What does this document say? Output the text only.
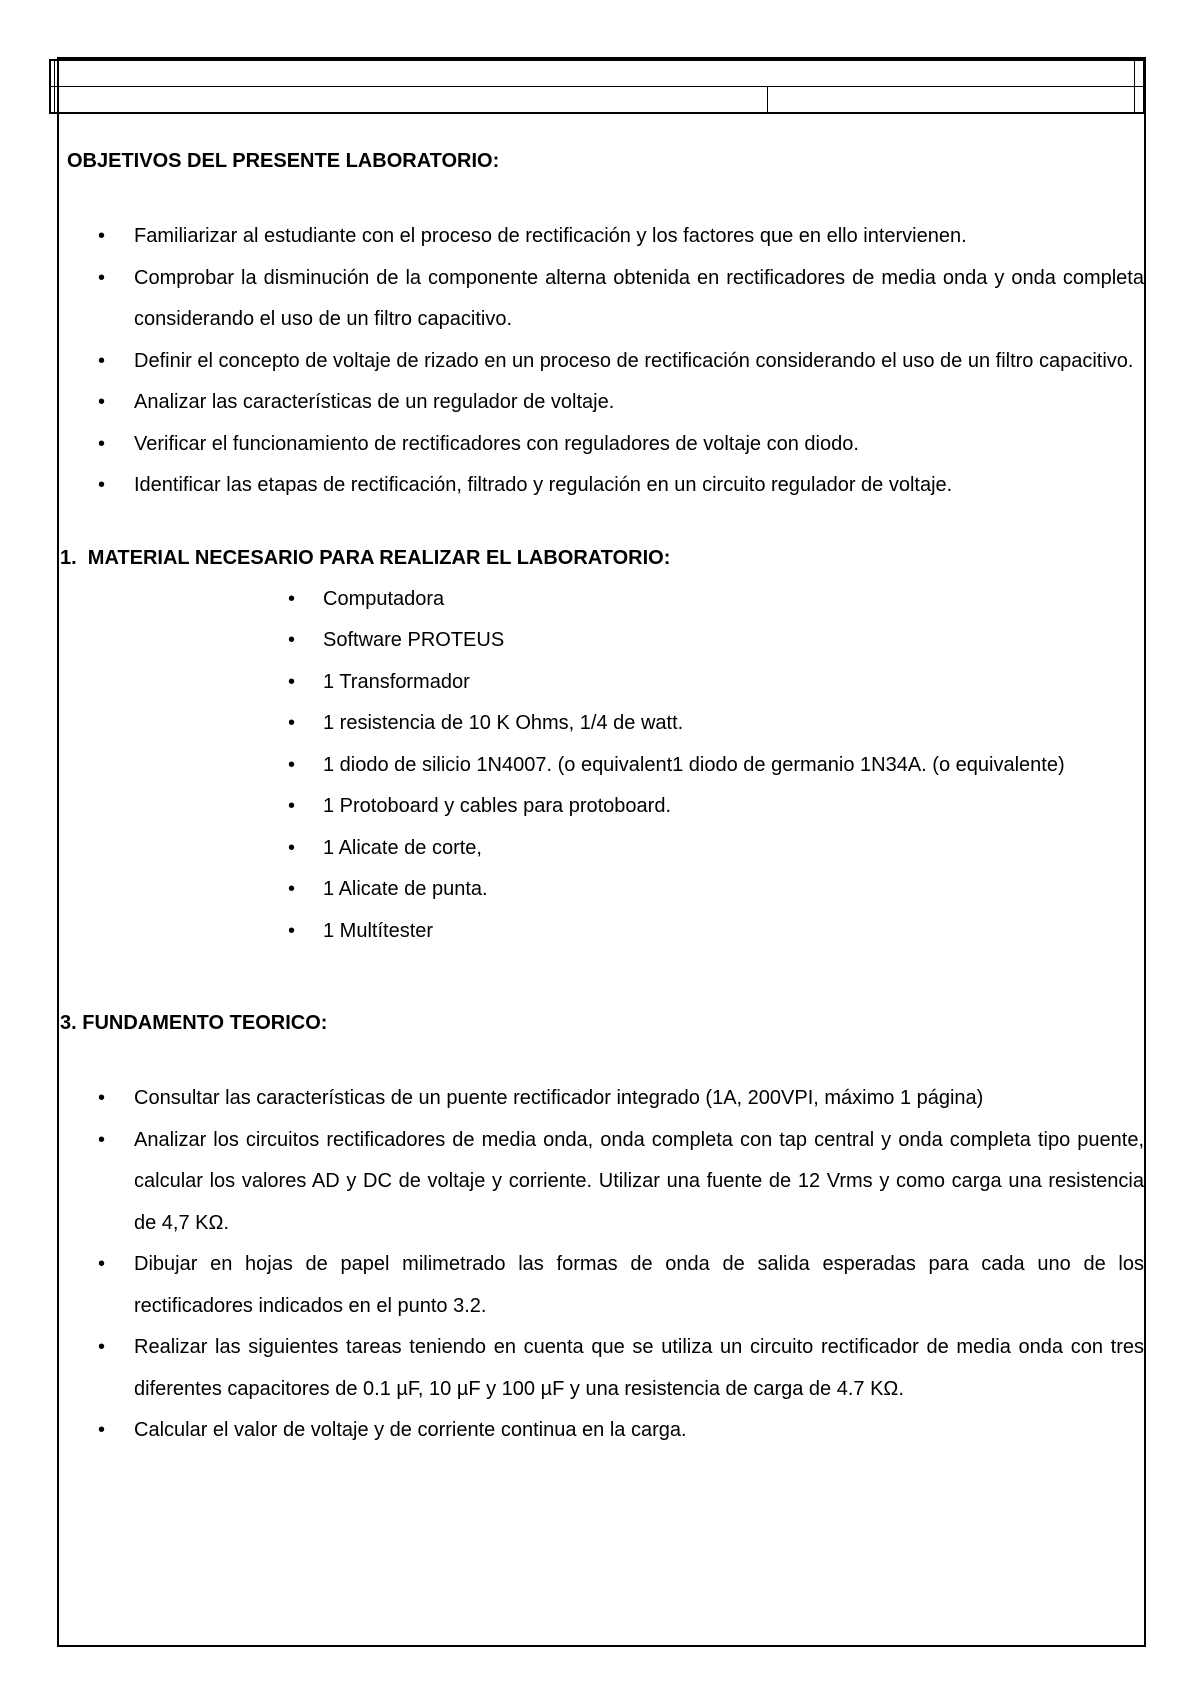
OBJETIVOS DEL PRESENTE LABORATORIO:

• Familiarizar al estudiante con el proceso de rectificación y los factores que en ello intervienen.
• Comprobar la disminución de la componente alterna obtenida en rectificadores de media onda y onda completa considerando el uso de un filtro capacitivo.
• Definir el concepto de voltaje de rizado en un proceso de rectificación considerando el uso de un filtro capacitivo.
• Analizar las características de un regulador de voltaje.
• Verificar el funcionamiento de rectificadores con reguladores de voltaje con diodo.
• Identificar las etapas de rectificación, filtrado y regulación en un circuito regulador de voltaje.

1.  MATERIAL NECESARIO PARA REALIZAR EL LABORATORIO:

• Computadora
• Software PROTEUS
• 1 Transformador
• 1 resistencia de 10 K Ohms, 1/4 de watt.
• 1 diodo de silicio 1N4007. (o equivalent1 diodo de germanio 1N34A. (o equivalente)
• 1 Protoboard y cables para protoboard.
• 1 Alicate de corte,
• 1 Alicate de punta.
• 1 Multítester

3. FUNDAMENTO TEORICO:

• Consultar las características de un puente rectificador integrado (1A, 200VPI, máximo 1 página)
• Analizar los circuitos rectificadores de media onda, onda completa con tap central y onda completa tipo puente, calcular los valores AD y DC de voltaje y corriente. Utilizar una fuente de 12 Vrms y como carga una resistencia de 4,7 KΩ.
• Dibujar en hojas de papel milimetrado las formas de onda de salida esperadas para cada uno de los rectificadores indicados en el punto 3.2.
• Realizar las siguientes tareas teniendo en cuenta que se utiliza un circuito rectificador de media onda con tres diferentes capacitores de 0.1 µF, 10 µF y 100 µF y una resistencia de carga de 4.7 KΩ.
• Calcular el valor de voltaje y de corriente continua en la carga.
